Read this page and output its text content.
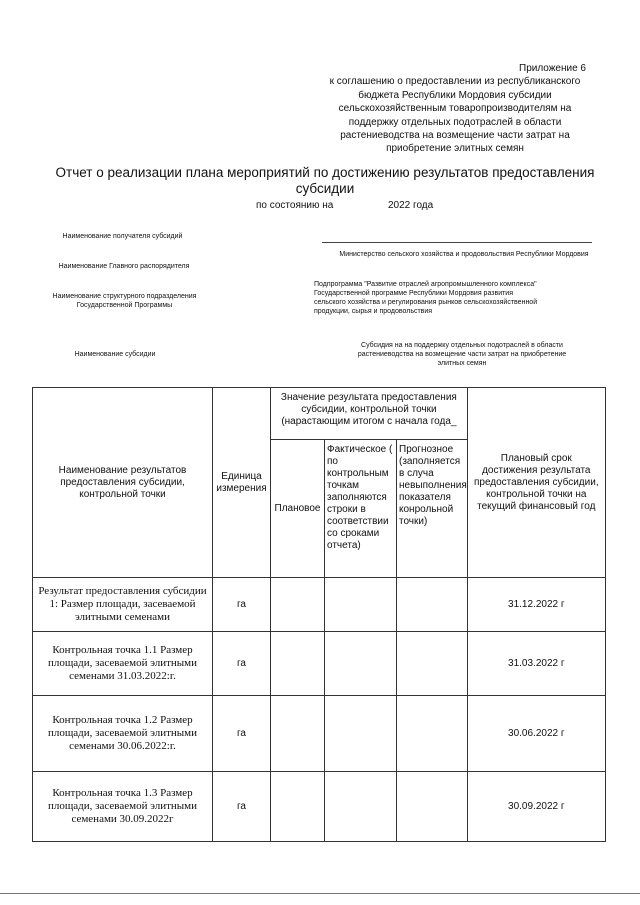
Приложение 6
к соглашению о предоставлении из республиканского
бюджета Республики Мордовия субсидии
сельскохозяйственным товаропроизводителям на
поддержку отдельных подотраслей в области
растениеводства на возмещение части затрат на
приобретение элитных семян
Отчет о реализации плана мероприятий по достижению результатов предоставления
субсидии
по состоянию на	2022 года
Наименование получателя субсидий
Наименование Главного распорядителя
Министерство сельского хозяйства и продовольствия Республики Мордовия
Наименование структурного подразделения
Государственной Программы
Подпрограмма "Развитие отраслей агропромышленного комплекса"
Государственной программе Республики Мордовия развития
сельского хозяйства и регулирования рынков сельскохозяйственной
продукции, сырья и продовольствия
Наименование субсидии
Субсидия на на поддержку отдельных подотраслей в области
растениеводства на возмещение части затрат на приобретение
элитных семян
Наименование результатов предоставления субсидии, контрольной точки	Единица измерения	Значение результата предоставления субсидии, контрольной точки (нарастающим итогом с начала года_			Плановый срок достижения результата предоставления субсидии, контрольной точки на текущий финансовый год
		Плановое	Фактическое ( по контрольным точкам заполняются строки в соответствии со сроками отчета)	Прогнозное (заполняется в случа невыполнения показателя конрольной точки)	
Результат предоставления субсидии 1: Размер площади, засеваемой элитными семенами	га				31.12.2022 г
Контрольная точка 1.1 Размер площади, засеваемой элитными семенами 31.03.2022:г.	га				31.03.2022 г
Контрольная точка 1.2 Размер площади, засеваемой элитными семенами 30.06.2022:г.	га				30.06.2022 г
Контрольная точка 1.3 Размер площади, засеваемой элитными семенами 30.09.2022г	га				30.09.2022 г
